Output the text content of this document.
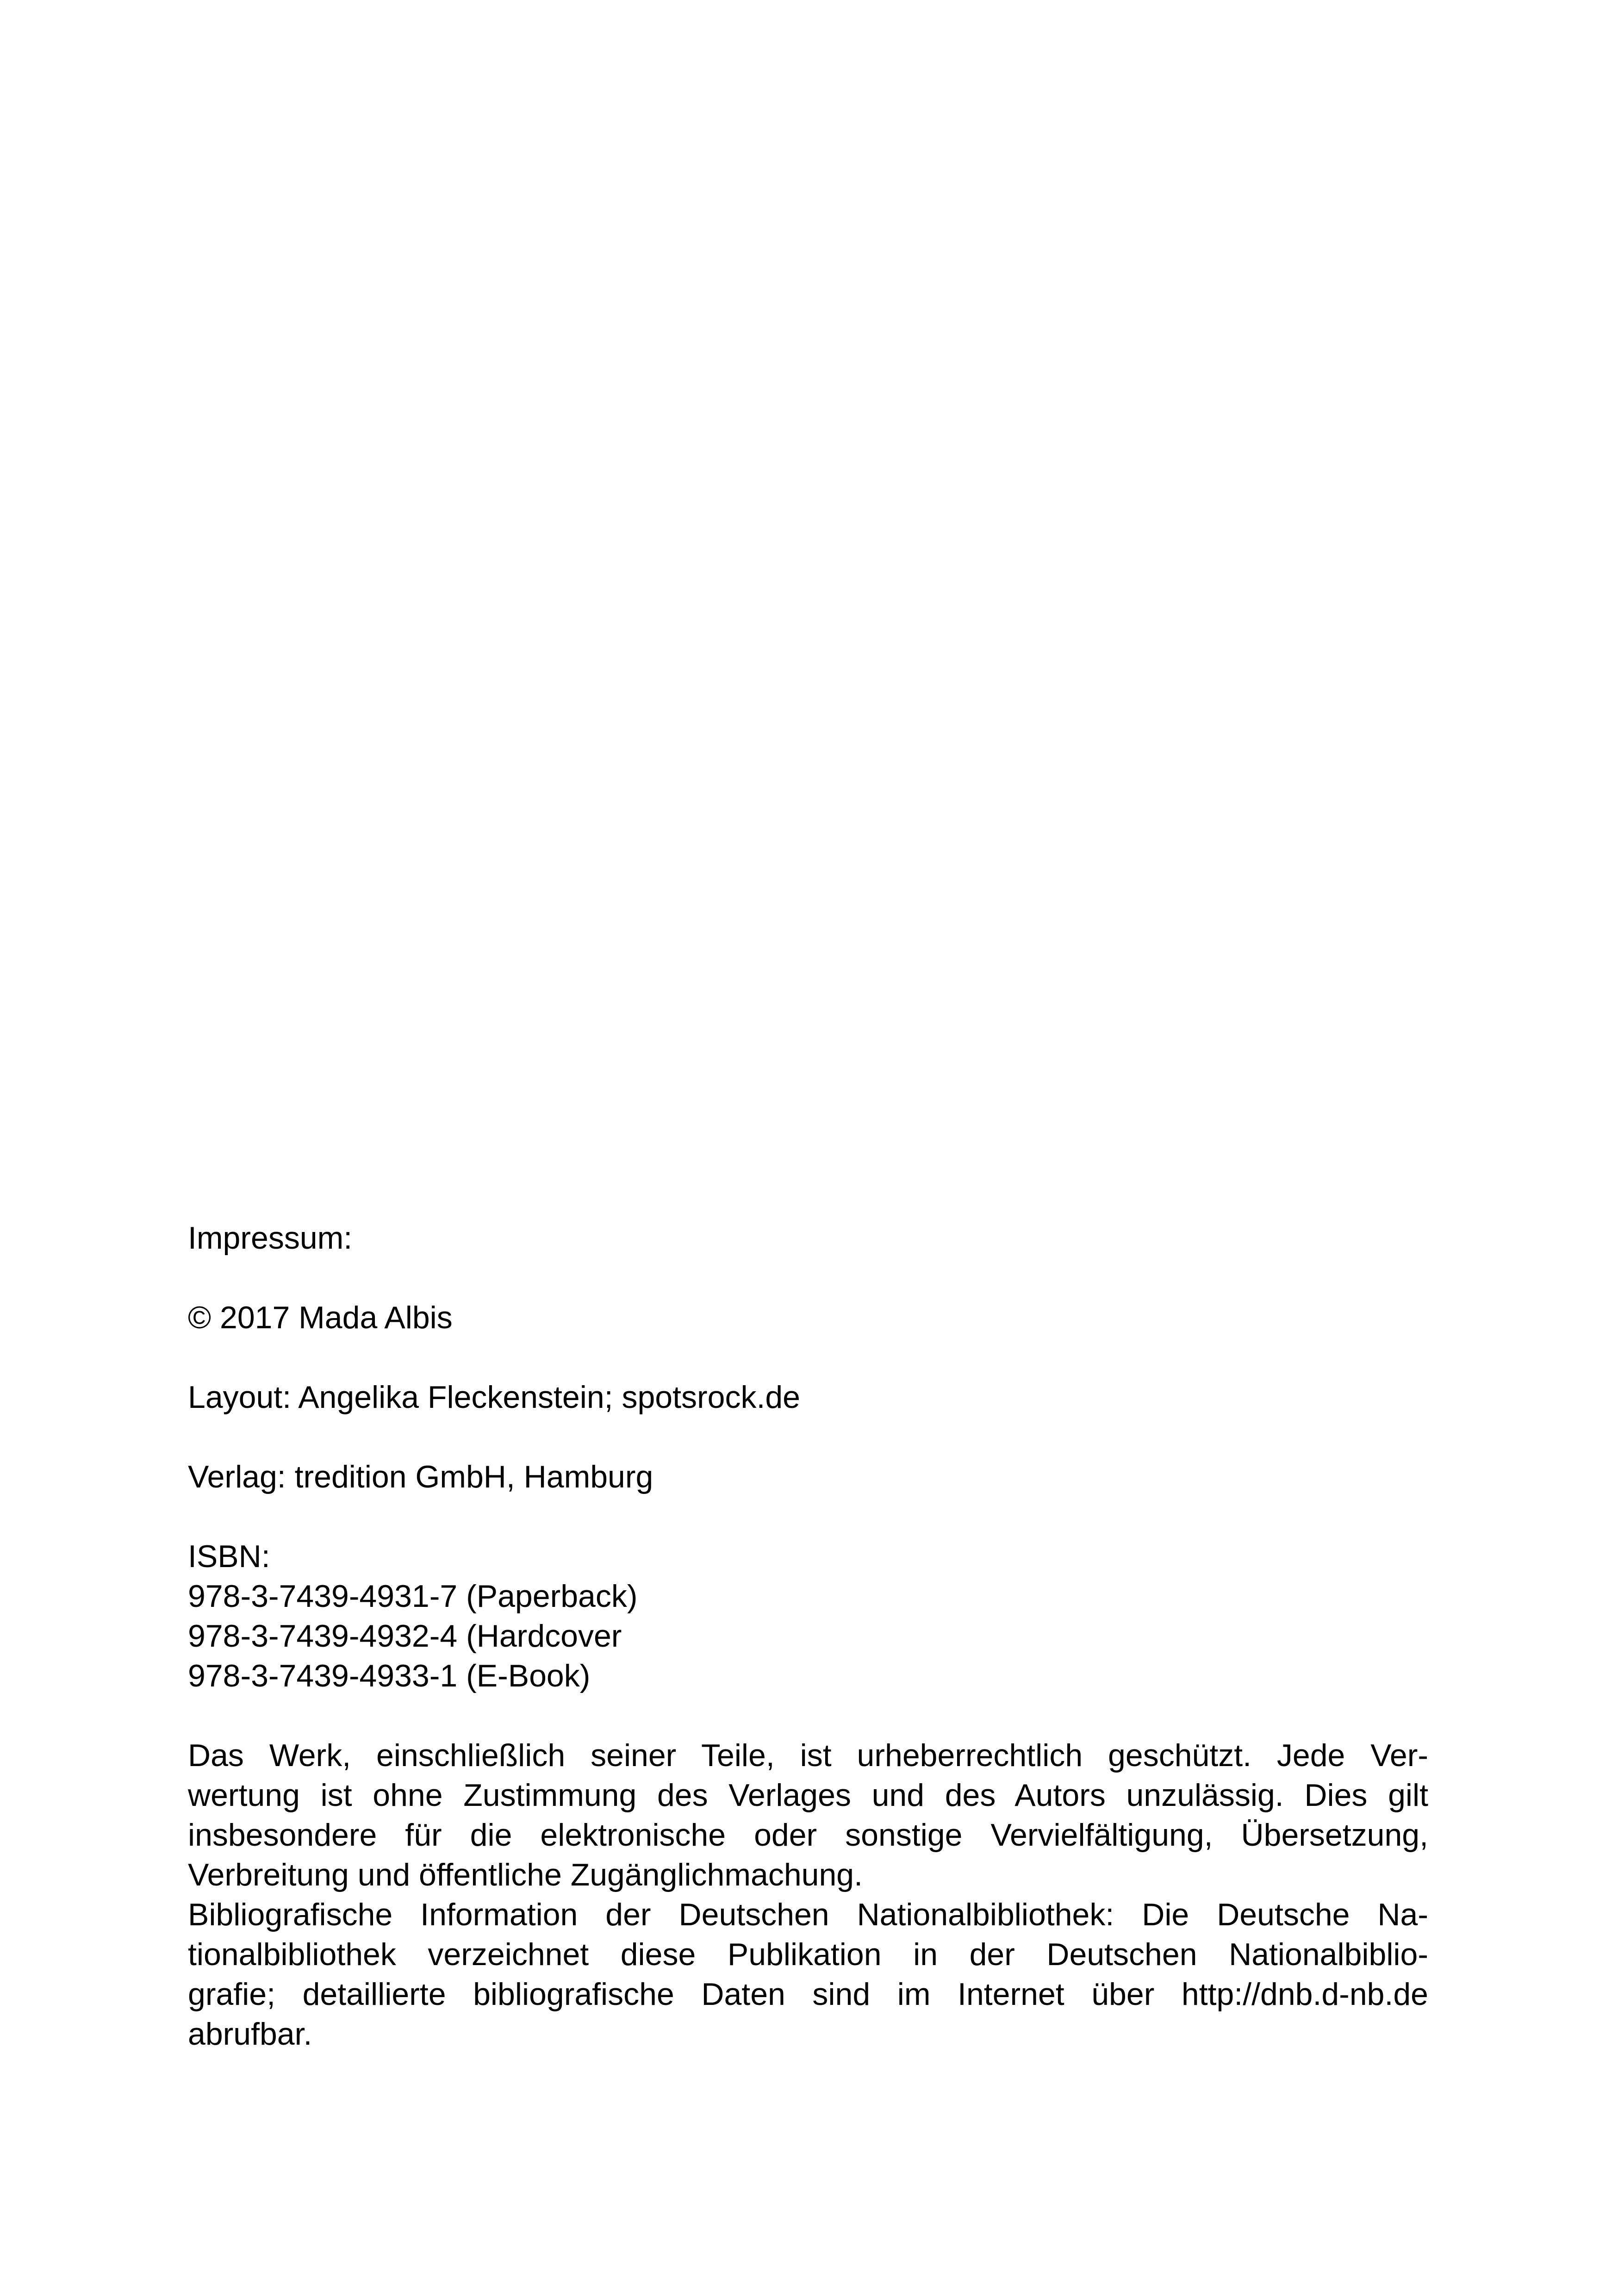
Impressum:

© 2017 Mada Albis

Layout: Angelika Fleckenstein; spotsrock.de

Verlag: tredition GmbH, Hamburg

ISBN:

978-3-7439-4931-7 (Paperback)

978-3-7439-4932-4 (Hardcover

978-3-7439-4933-1 (E-Book)

Das Werk, einschließlich seiner Teile, ist urheberrechtlich geschützt. Jede Ver-
wertung ist ohne Zustimmung des Verlages und des Autors unzulässig. Dies gilt
insbesondere für die elektronische oder sonstige Vervielfältigung, Übersetzung,
Verbreitung und öffentliche Zugänglichmachung.
Bibliografische Information der Deutschen Nationalbibliothek: Die Deutsche Na-
tionalbibliothek verzeichnet diese Publikation in der Deutschen Nationalbiblio-
grafie; detaillierte bibliografische Daten sind im Internet über http://dnb.d-nb.de
abrufbar.
